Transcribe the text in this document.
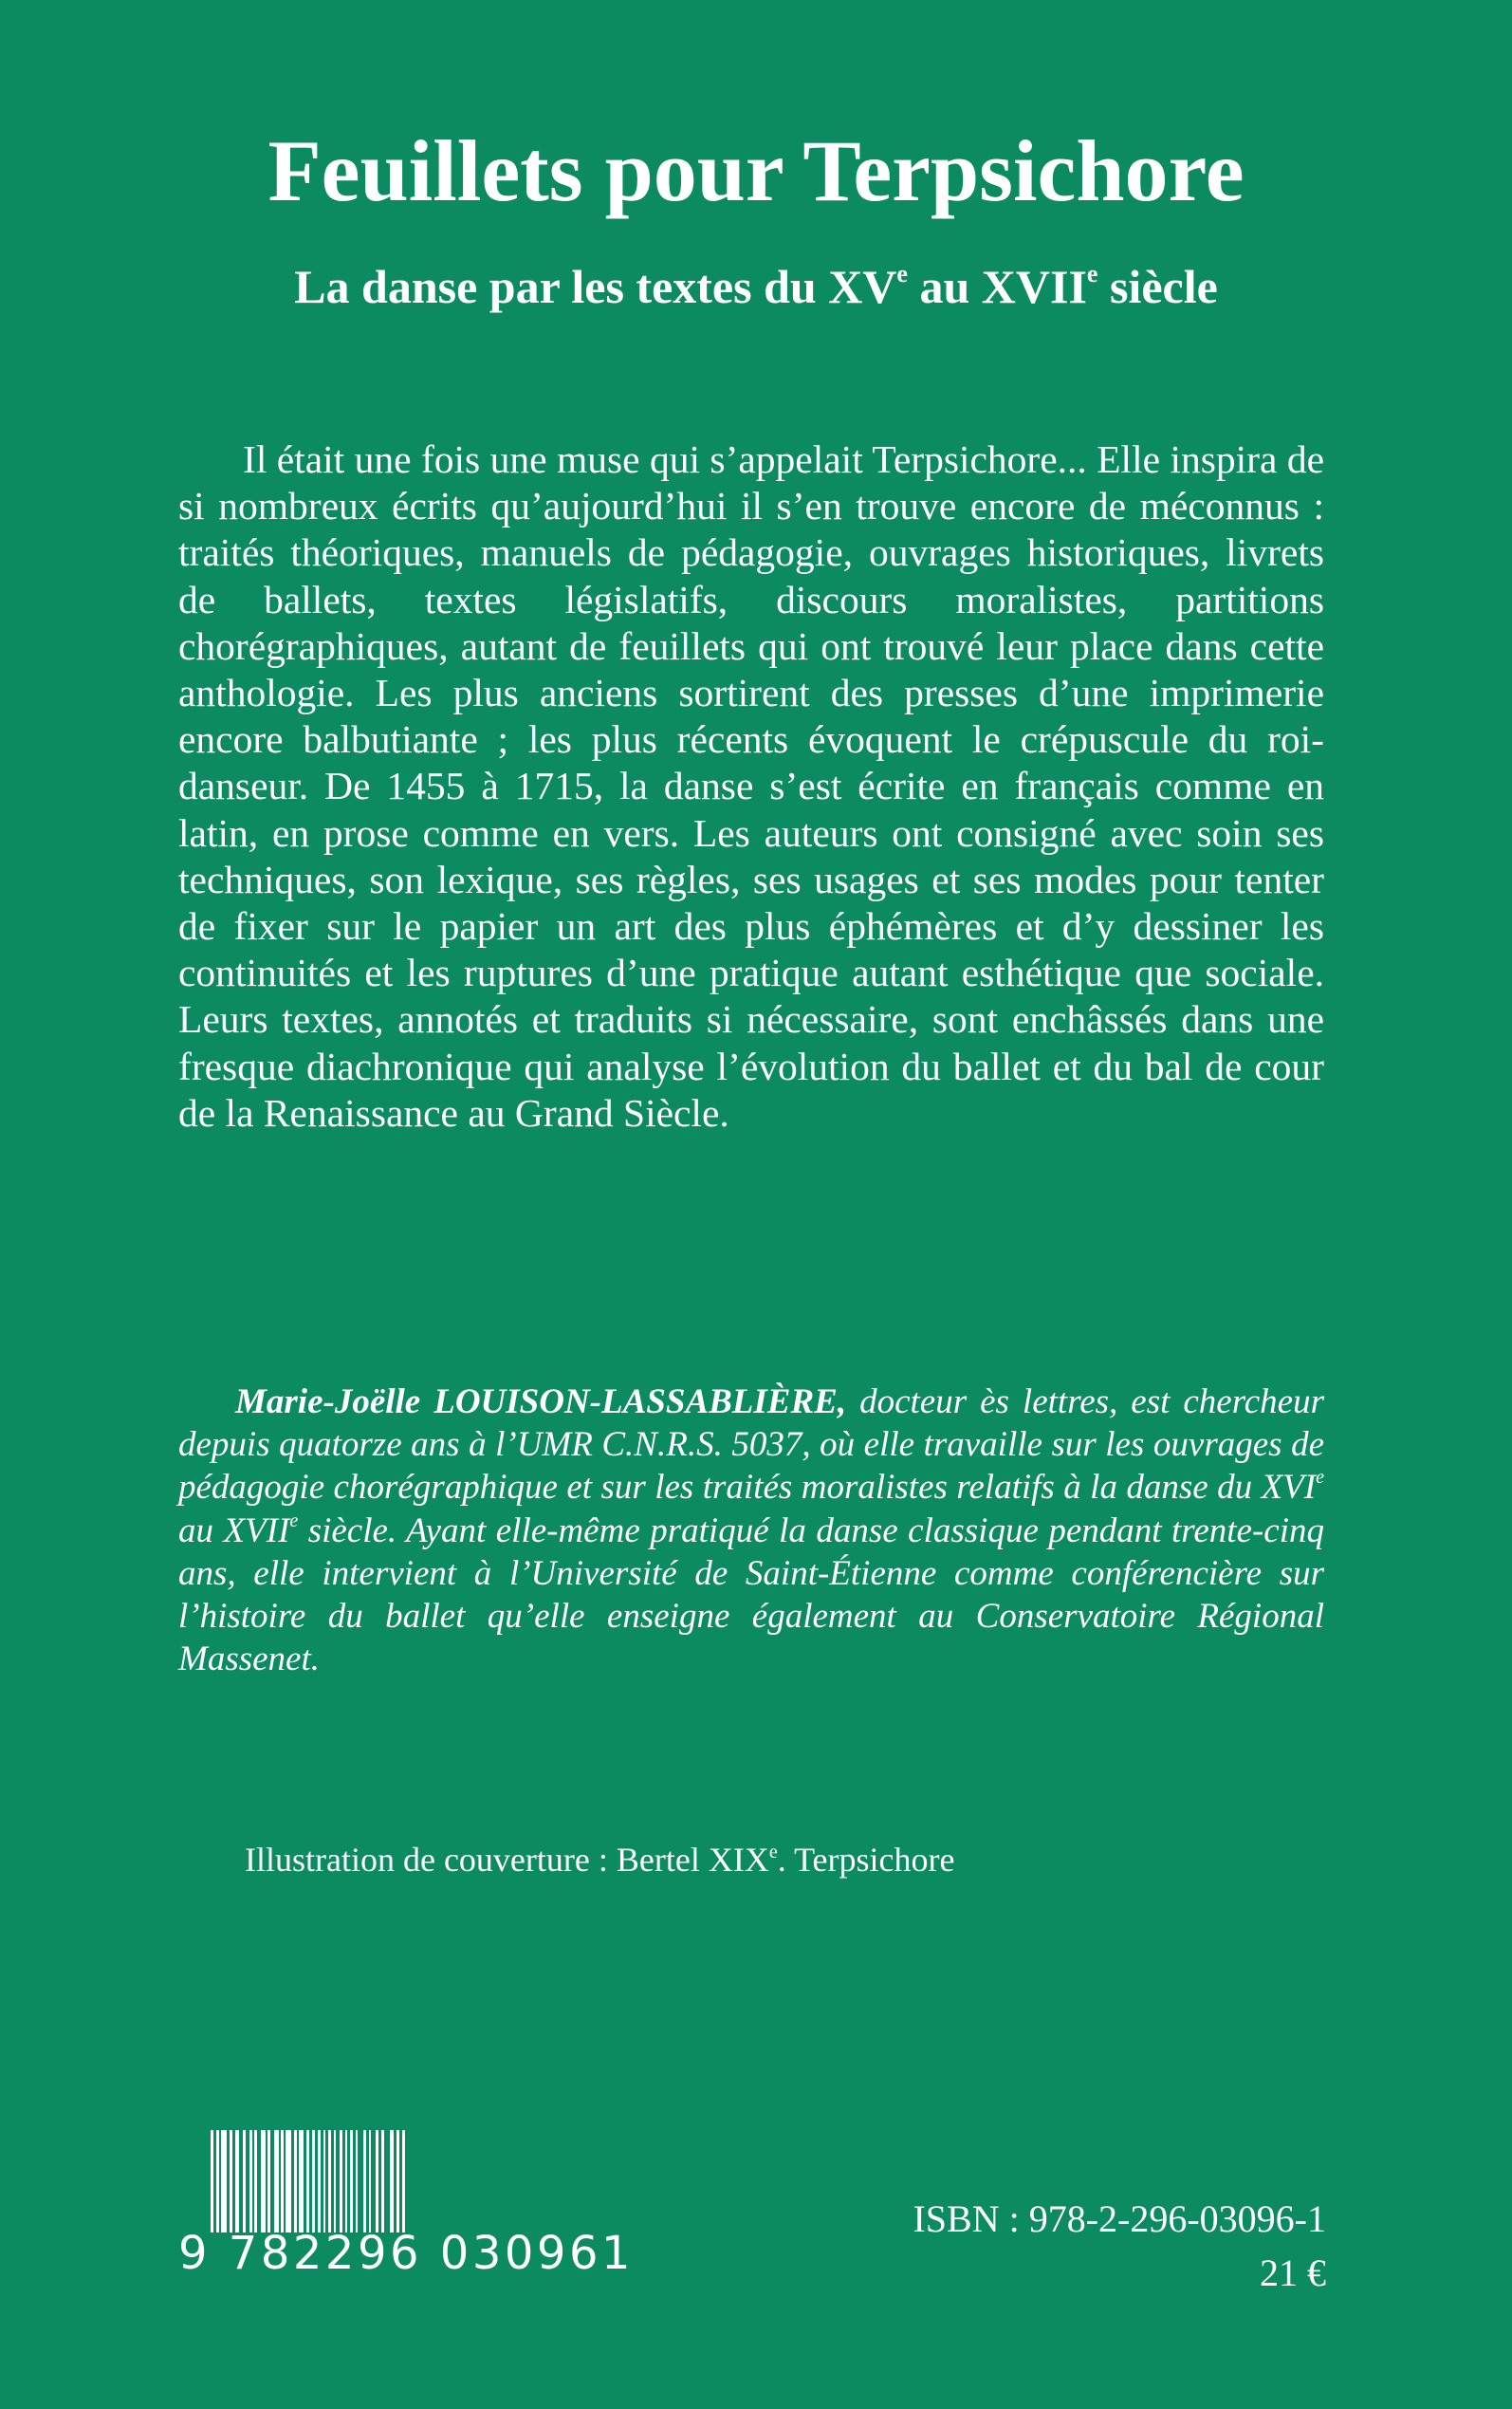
Feuillets pour Terpsichore
La danse par les textes du XVe au XVIIe siècle

Il était une fois une muse qui s’appelait Terpsichore... Elle inspira de si nombreux écrits qu’aujourd’hui il s’en trouve encore de méconnus : traités théoriques, manuels de pédagogie, ouvrages historiques, livrets de ballets, textes législatifs, discours moralistes, partitions chorégraphiques, autant de feuillets qui ont trouvé leur place dans cette anthologie. Les plus anciens sortirent des presses d’une imprimerie encore balbutiante ; les plus récents évoquent le crépuscule du roi-danseur. De 1455 à 1715, la danse s’est écrite en français comme en latin, en prose comme en vers. Les auteurs ont consigné avec soin ses techniques, son lexique, ses règles, ses usages et ses modes pour tenter de fixer sur le papier un art des plus éphémères et d’y dessiner les continuités et les ruptures d’une pratique autant esthétique que sociale. Leurs textes, annotés et traduits si nécessaire, sont enchâssés dans une fresque diachronique qui analyse l’évolution du ballet et du bal de cour de la Renaissance au Grand Siècle.

Marie-Joëlle LOUISON-LASSABLIÈRE, docteur ès lettres, est chercheur depuis quatorze ans à l’UMR C.N.R.S. 5037, où elle travaille sur les ouvrages de pédagogie chorégraphique et sur les traités moralistes relatifs à la danse du XVIe au XVIIe siècle. Ayant elle-même pratiqué la danse classique pendant trente-cinq ans, elle intervient à l’Université de Saint-Étienne comme conférencière sur l’histoire du ballet qu’elle enseigne également au Conservatoire Régional Massenet.

Illustration de couverture : Bertel XIXe. Terpsichore
9 782296 030961
ISBN : 978-2-296-03096-1
21 €
